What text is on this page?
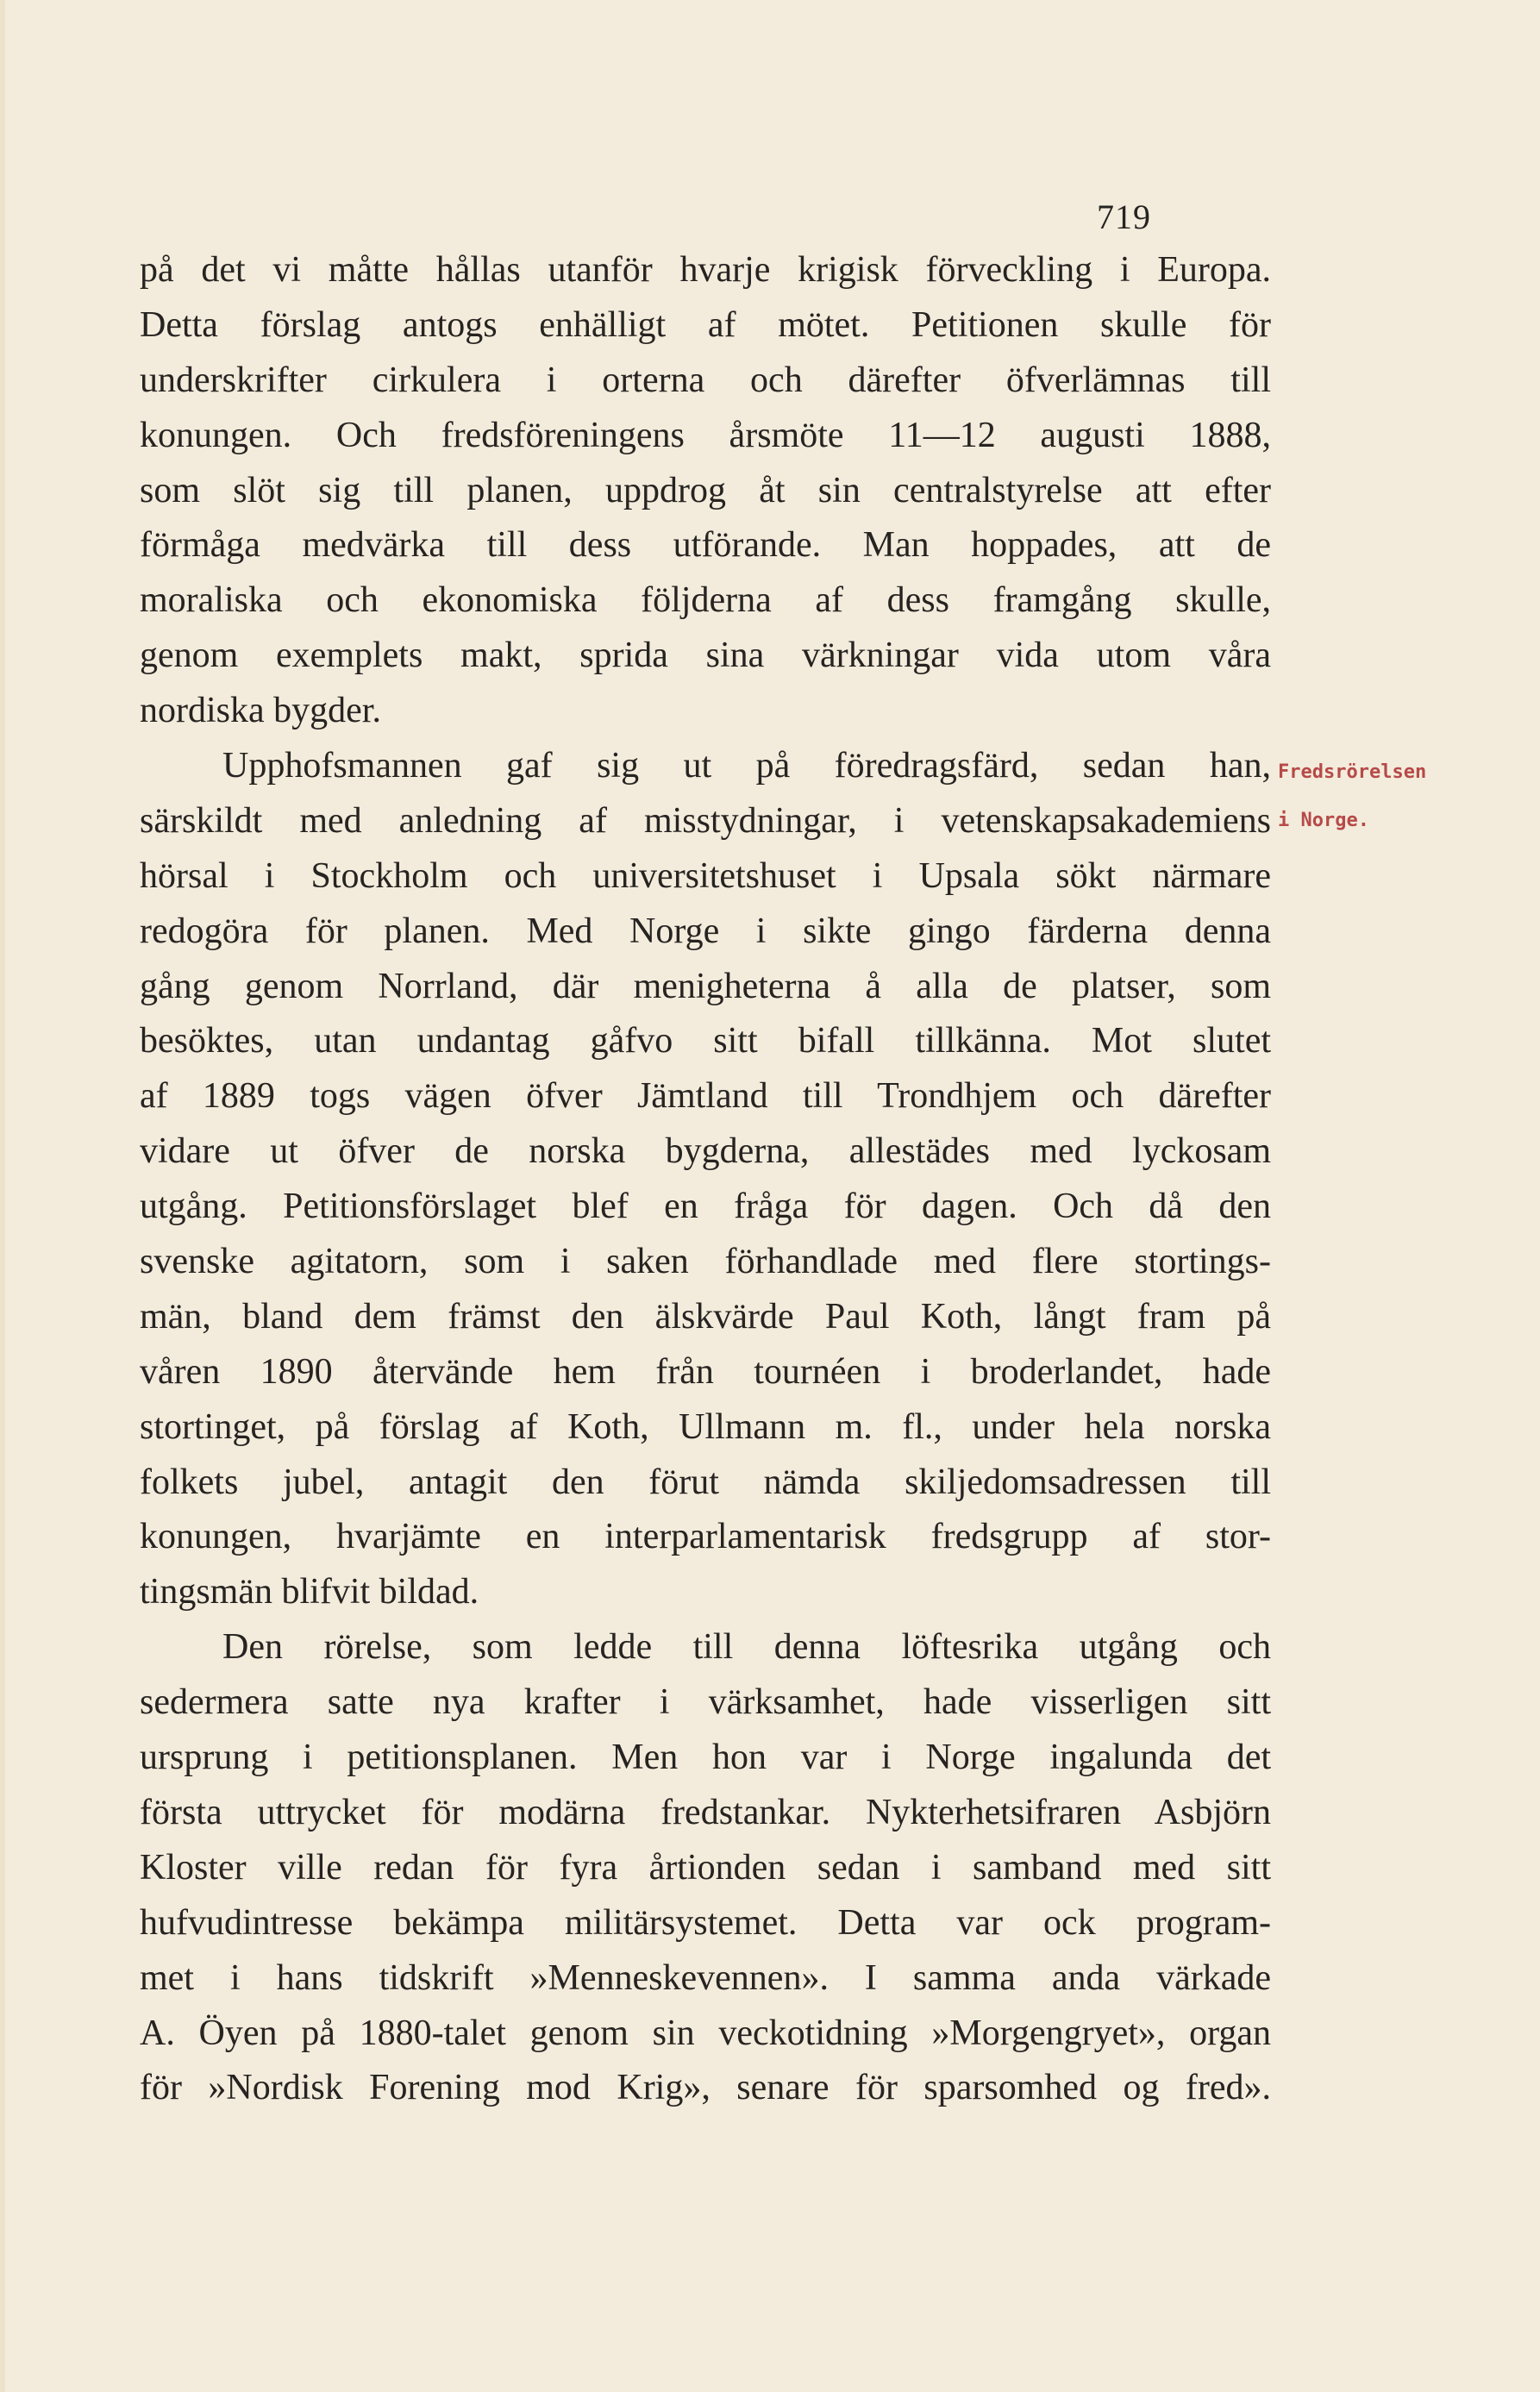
719
Fredsrörelsen
i Norge.
på det vi måtte hållas utanför hvarje krigisk förveckling i Europa.
Detta förslag antogs enhälligt af mötet. Petitionen skulle för
underskrifter cirkulera i orterna och därefter öfverlämnas till
konungen. Och fredsföreningens årsmöte 11—12 augusti 1888,
som slöt sig till planen, uppdrog åt sin centralstyrelse att efter
förmåga medvärka till dess utförande. Man hoppades, att de
moraliska och ekonomiska följderna af dess framgång skulle,
genom exemplets makt, sprida sina värkningar vida utom våra
nordiska bygder.
Upphofsmannen gaf sig ut på föredragsfärd, sedan han,
särskildt med anledning af misstydningar, i vetenskapsakademiens
hörsal i Stockholm och universitetshuset i Upsala sökt närmare
redogöra för planen. Med Norge i sikte gingo färderna denna
gång genom Norrland, där menigheterna å alla de platser, som
besöktes, utan undantag gåfvo sitt bifall tillkänna. Mot slutet
af 1889 togs vägen öfver Jämtland till Trondhjem och därefter
vidare ut öfver de norska bygderna, allestädes med lyckosam
utgång. Petitionsförslaget blef en fråga för dagen. Och då den
svenske agitatorn, som i saken förhandlade med flere stortings-
män, bland dem främst den älskvärde Paul Koth, långt fram på
våren 1890 återvände hem från tournéen i broderlandet, hade
stortinget, på förslag af Koth, Ullmann m. fl., under hela norska
folkets jubel, antagit den förut nämda skiljedomsadressen till
konungen, hvarjämte en interparlamentarisk fredsgrupp af stor-
tingsmän blifvit bildad.
Den rörelse, som ledde till denna löftesrika utgång och
sedermera satte nya krafter i värksamhet, hade visserligen sitt
ursprung i petitionsplanen. Men hon var i Norge ingalunda det
första uttrycket för modärna fredstankar. Nykterhetsifraren Asbjörn
Kloster ville redan för fyra årtionden sedan i samband med sitt
hufvudintresse bekämpa militärsystemet. Detta var ock program-
met i hans tidskrift »Menneskevennen». I samma anda värkade
A. Öyen på 1880-talet genom sin veckotidning »Morgengryet», organ
för »Nordisk Forening mod Krig», senare för sparsomhed og fred».
